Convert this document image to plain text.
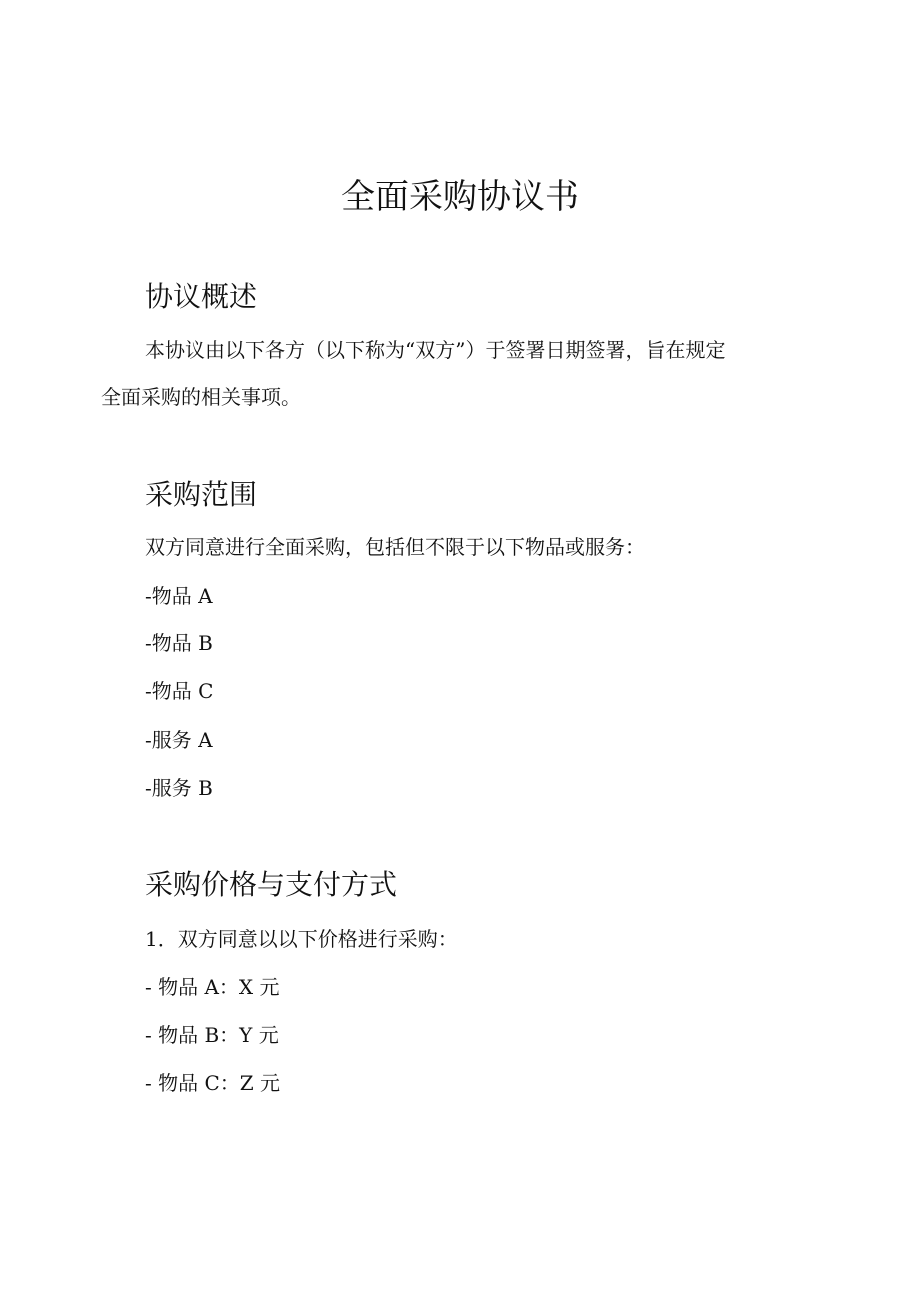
全面采购协议书
协议概述
本协议由以下各方（以下称为“双方”）于签署日期签署，旨在规定
全面采购的相关事项。
采购范围
双方同意进行全面采购，包括但不限于以下物品或服务：
-物品 A
-物品 B
-物品 C
-服务 A
-服务 B
采购价格与支付方式
1．双方同意以以下价格进行采购：
- 物品 A：X 元
- 物品 B：Y 元
- 物品 C：Z 元
